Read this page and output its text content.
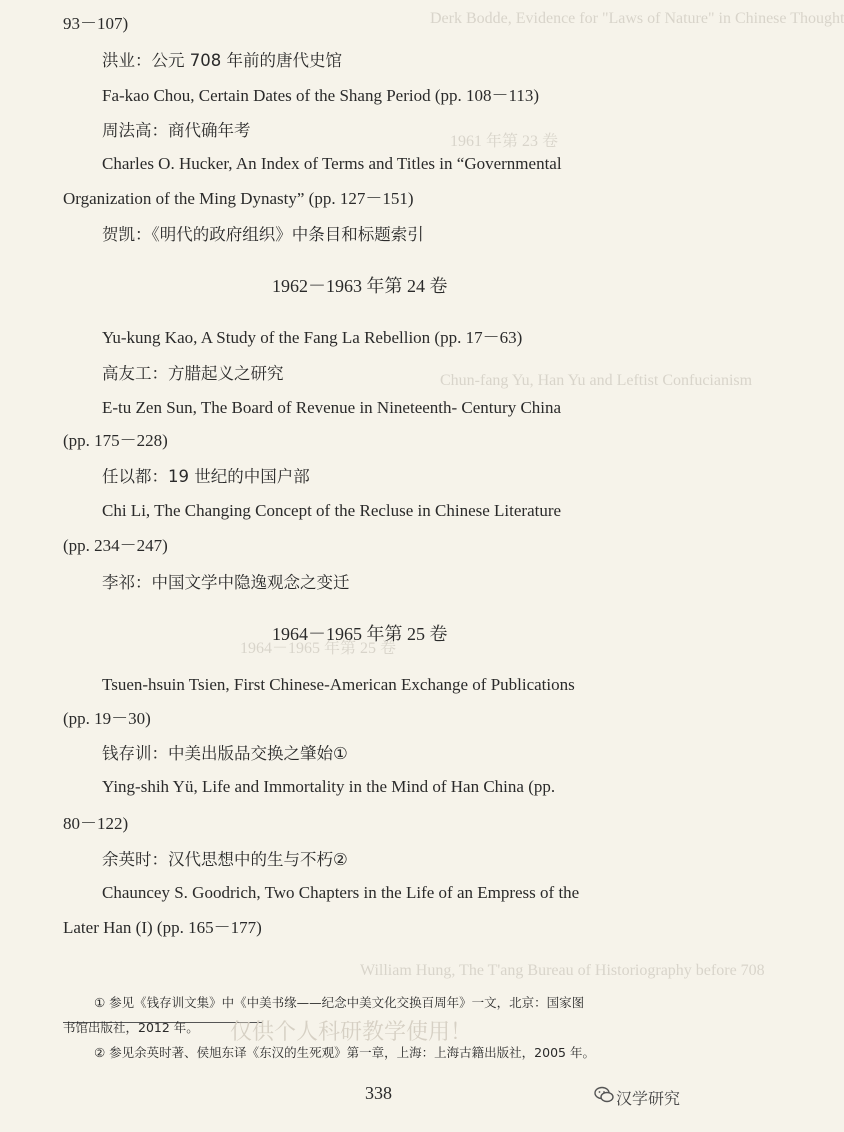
Derk Bodde, Evidence for "Laws of Nature" in Chinese Thought
1961 年第 23 卷
Chun-fang Yu, Han Yu and Leftist Confucianism
1964－1965 年第 25 卷
William Hung, The T'ang Bureau of Historiography before 708
93－107)
洪业：公元 708 年前的唐代史馆
Fa-kao Chou, Certain Dates of the Shang Period (pp. 108－113)
周法高：商代确年考
Charles O. Hucker, An Index of Terms and Titles in “Governmental
Organization of the Ming Dynasty” (pp. 127－151)
贺凯：《明代的政府组织》中条目和标题索引
1962－1963 年第 24 卷
Yu-kung Kao, A Study of the Fang La Rebellion (pp. 17－63)
高友工：方腊起义之研究
E-tu Zen Sun, The Board of Revenue in Nineteenth- Century China
(pp. 175－228)
任以都：19 世纪的中国户部
Chi Li, The Changing Concept of the Recluse in Chinese Literature
(pp. 234－247)
李祁：中国文学中隐逸观念之变迁
1964－1965 年第 25 卷
Tsuen-hsuin Tsien, First Chinese-American Exchange of Publications
(pp. 19－30)
钱存训：中美出版品交换之肇始①
Ying-shih Yü, Life and Immortality in the Mind of Han China (pp.
80－122)
余英时：汉代思想中的生与不朽②
Chauncey S. Goodrich, Two Chapters in the Life of an Empress of the
Later Han (I) (pp. 165－177)
① 参见《钱存训文集》中《中美书缘——纪念中美文化交换百周年》一文，北京：国家图
书馆出版社，2012 年。
② 参见余英时著、侯旭东译《东汉的生死观》第一章，上海：上海古籍出版社，2005 年。
仅供个人科研教学使用！
338	汉学研究
